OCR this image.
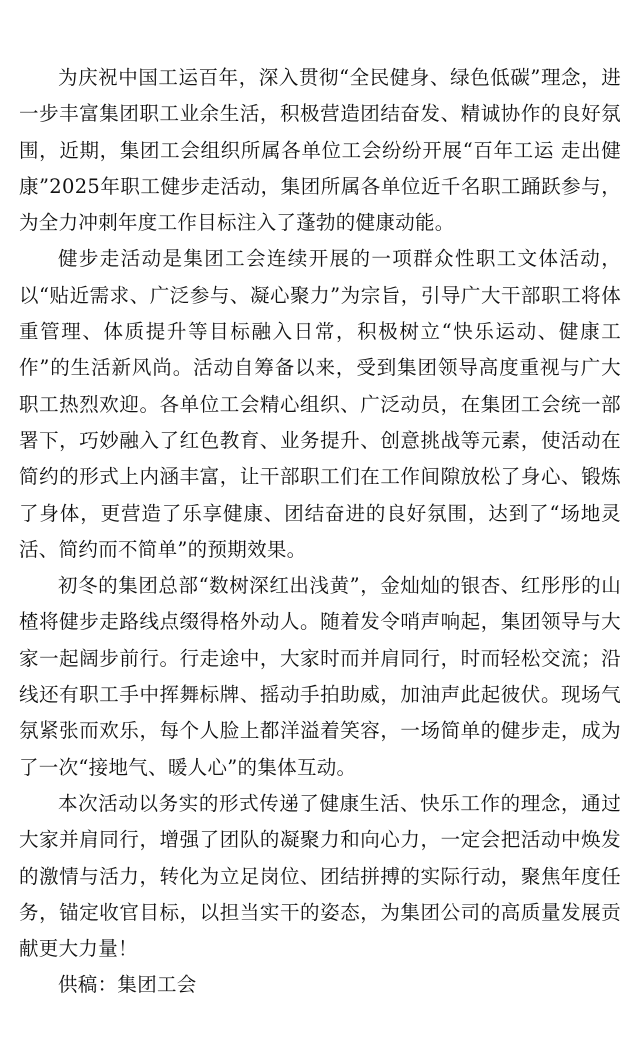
为庆祝中国工运百年，深入贯彻“全民健身、绿色低碳”理念，进一步丰富集团职工业余生活，积极营造团结奋发、精诚协作的良好氛围，近期，集团工会组织所属各单位工会纷纷开展“百年工运 走出健康”2025年职工健步走活动，集团所属各单位近千名职工踊跃参与，为全力冲刺年度工作目标注入了蓬勃的健康动能。

健步走活动是集团工会连续开展的一项群众性职工文体活动，以“贴近需求、广泛参与、凝心聚力”为宗旨，引导广大干部职工将体重管理、体质提升等目标融入日常，积极树立“快乐运动、健康工作”的生活新风尚。活动自筹备以来，受到集团领导高度重视与广大职工热烈欢迎。各单位工会精心组织、广泛动员，在集团工会统一部署下，巧妙融入了红色教育、业务提升、创意挑战等元素，使活动在简约的形式上内涵丰富，让干部职工们在工作间隙放松了身心、锻炼了身体，更营造了乐享健康、团结奋进的良好氛围，达到了“场地灵活、简约而不简单”的预期效果。

初冬的集团总部“数树深红出浅黄”，金灿灿的银杏、红彤彤的山楂将健步走路线点缀得格外动人。随着发令哨声响起，集团领导与大家一起阔步前行。行走途中，大家时而并肩同行，时而轻松交流；沿线还有职工手中挥舞标牌、摇动手拍助威，加油声此起彼伏。现场气氛紧张而欢乐，每个人脸上都洋溢着笑容，一场简单的健步走，成为了一次“接地气、暖人心”的集体互动。

本次活动以务实的形式传递了健康生活、快乐工作的理念，通过大家并肩同行，增强了团队的凝聚力和向心力，一定会把活动中焕发的激情与活力，转化为立足岗位、团结拼搏的实际行动，聚焦年度任务，锚定收官目标，以担当实干的姿态，为集团公司的高质量发展贡献更大力量！

供稿：集团工会
